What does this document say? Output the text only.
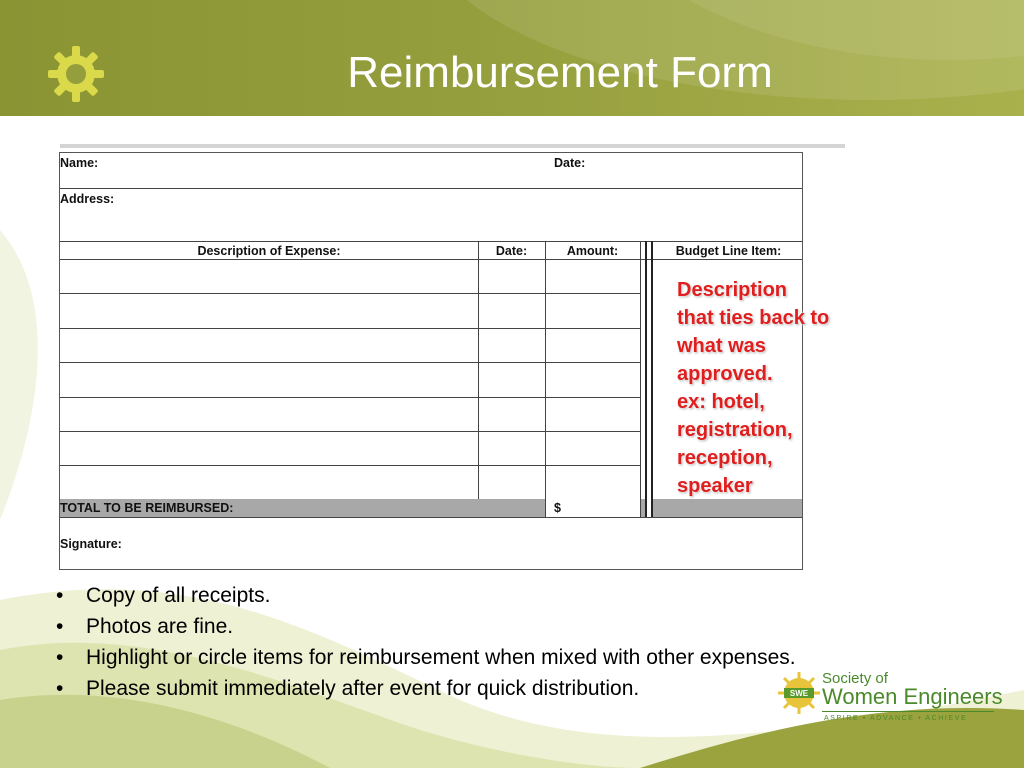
Reimbursement Form
Name:	Date:
Address:
Description of Expense:	Date:	Amount:	Budget Line Item:
TOTAL TO BE REIMBURSED:	$
Signature:
Description
that ties back to
what was
approved.
ex: hotel,
registration,
reception,
speaker
• Copy of all receipts.
• Photos are fine.
• Highlight or circle items for reimbursement when mixed with other expenses.
• Please submit immediately after event for quick distribution.	SWE
Society of
Women Engineers
ASPIRE • ADVANCE • ACHIEVE
